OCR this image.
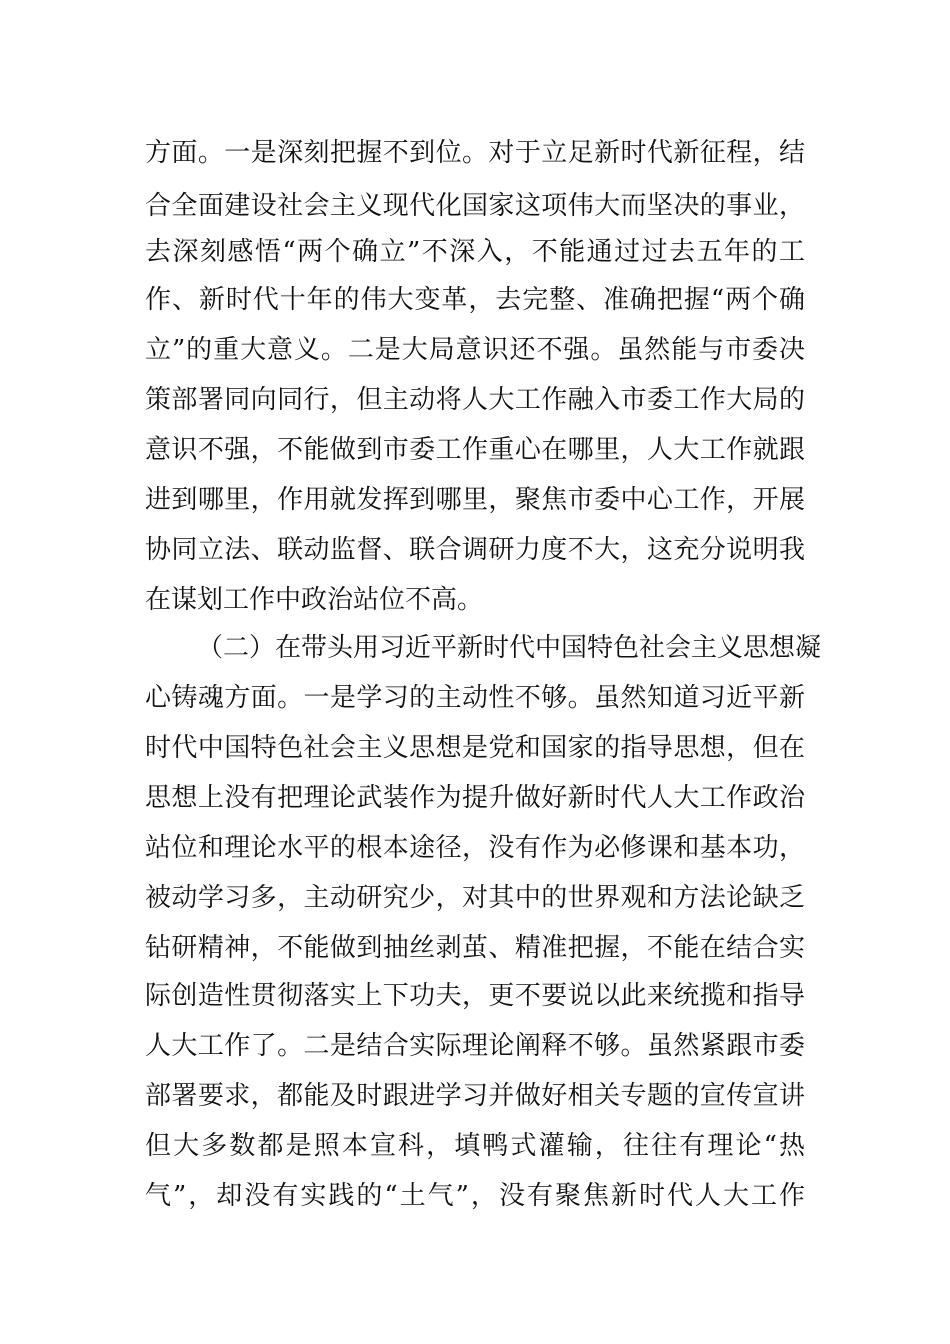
方面。一是深刻把握不到位。对于立足新时代新征程，结
合全面建设社会主义现代化国家这项伟大而坚决的事业，
去深刻感悟“两个确立”不深入，不能通过过去五年的工
作、新时代十年的伟大变革，去完整、准确把握“两个确
立”的重大意义。二是大局意识还不强。虽然能与市委决
策部署同向同行，但主动将人大工作融入市委工作大局的
意识不强，不能做到市委工作重心在哪里，人大工作就跟
进到哪里，作用就发挥到哪里，聚焦市委中心工作，开展
协同立法、联动监督、联合调研力度不大，这充分说明我
在谋划工作中政治站位不高。
（二）在带头用习近平新时代中国特色社会主义思想凝
心铸魂方面。一是学习的主动性不够。虽然知道习近平新
时代中国特色社会主义思想是党和国家的指导思想，但在
思想上没有把理论武装作为提升做好新时代人大工作政治
站位和理论水平的根本途径，没有作为必修课和基本功，
被动学习多，主动研究少，对其中的世界观和方法论缺乏
钻研精神，不能做到抽丝剥茧、精准把握，不能在结合实
际创造性贯彻落实上下功夫，更不要说以此来统揽和指导
人大工作了。二是结合实际理论阐释不够。虽然紧跟市委
部署要求，都能及时跟进学习并做好相关专题的宣传宣讲
但大多数都是照本宣科，填鸭式灌输，往往有理论“热
气”，却没有实践的“土气”，没有聚焦新时代人大工作
